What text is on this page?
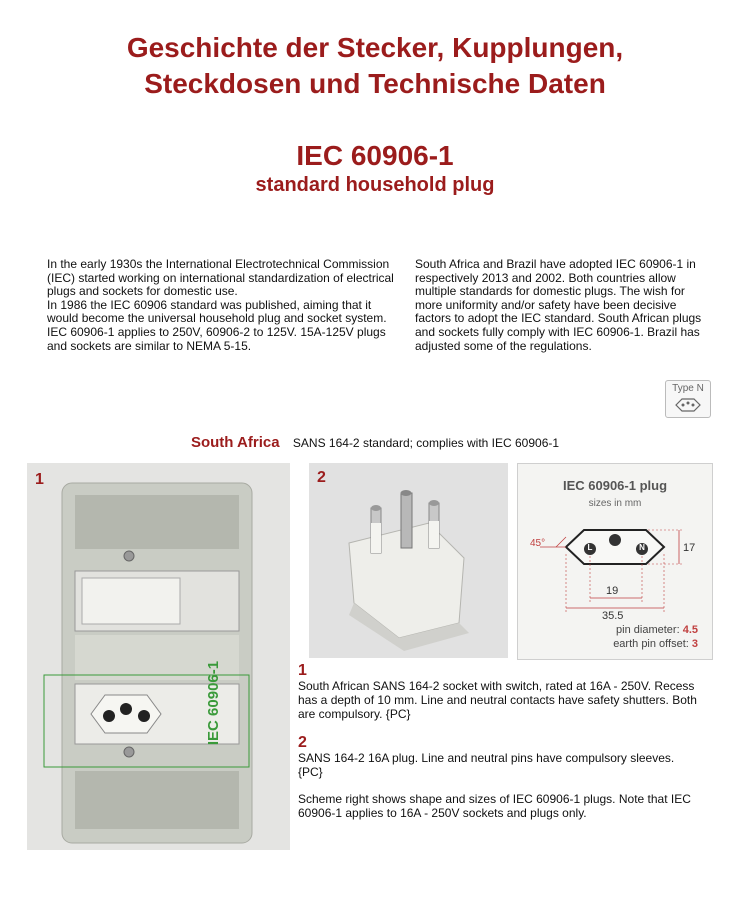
Geschichte der Stecker, Kupplungen,
Steckdosen und Technische Daten
IEC 60906-1
standard household plug

In the early 1930s the International Electrotechnical Commission (IEC) started working on international standardization of electrical plugs and sockets for domestic use.

In 1986 the IEC 60906 standard was published, aiming that it would become the universal household plug and socket system. IEC 60906-1 applies to 250V, 60906-2 to 125V. 15A-125V plugs and sockets are similar to NEMA 5-15.

South Africa and Brazil have adopted IEC 60906-1 in respectively 2013 and 2002. Both countries allow multiple standards for domestic plugs. The wish for more uniformity and/or safety have been decisive factors to adopt the IEC standard. South African plugs and sockets fully comply with IEC 60906-1. Brazil has adjusted some of the regulations.

Type N
South Africa SANS 164-2 standard; complies with IEC 60906-1
1
IEC 60906-1
2	IEC 60906-1 plug
sizes in mm
45°	L	N	17
19
35.5
pin diameter: 4.5
earth pin offset: 3
1
South African SANS 164-2 socket with switch, rated at 16A - 250V. Recess has a depth of 10 mm. Line and neutral contacts have safety shutters. Both are compulsory. {PC}
2
SANS 164-2 16A plug. Line and neutral pins have compulsory sleeves. {PC}
Scheme right shows shape and sizes of IEC 60906-1 plugs. Note that IEC 60906-1 applies to 16A - 250V sockets and plugs only.
